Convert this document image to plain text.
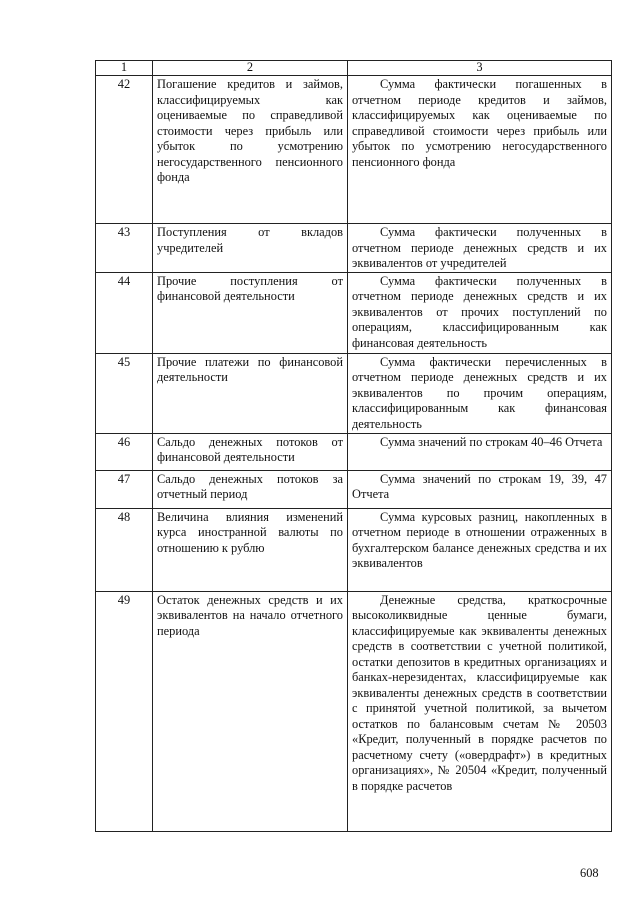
1	2	3
42	Погашение кредитов и займов, классифицируемых как оцениваемые по справедливой стоимости через прибыль или убыток по усмотрению негосударственного пенсионного фонда	Сумма фактически погашенных в отчетном периоде кредитов и займов, классифицируемых как оцениваемые по справедливой стоимости через прибыль или убыток по усмотрению негосударственного пенсионного фонда
43	Поступления от вкладов учредителей	Сумма фактически полученных в отчетном периоде денежных средств и их эквивалентов от учредителей
44	Прочие поступления от финансовой деятельности	Сумма фактически полученных в отчетном периоде денежных средств и их эквивалентов от прочих поступлений по операциям, классифицированным как финансовая деятельность
45	Прочие платежи по финансовой деятельности	Сумма фактически перечисленных в отчетном периоде денежных средств и их эквивалентов по прочим операциям, классифицированным как финансовая деятельность
46	Сальдо денежных потоков от финансовой деятельности	Сумма значений по строкам 40–46 Отчета
47	Сальдо денежных потоков за отчетный период	Сумма значений по строкам 19, 39, 47 Отчета
48	Величина влияния изменений курса иностранной валюты по отношению к рублю	Сумма курсовых разниц, накопленных в отчетном периоде в отношении отраженных в бухгалтерском балансе денежных средства и их эквивалентов
49	Остаток денежных средств и их эквивалентов на начало отчетного периода	Денежные средства, краткосрочные высоколиквидные ценные бумаги, классифицируемые как эквиваленты денежных средств в соответствии с учетной политикой, остатки депозитов в кредитных организациях и банках-нерезидентах, классифицируемые как эквиваленты денежных средств в соответствии с принятой учетной политикой, за вычетом остатков по балансовым счетам № 20503 «Кредит, полученный в порядке расчетов по расчетному счету («овердрафт») в кредитных организациях», № 20504 «Кредит, полученный в порядке расчетов
608
